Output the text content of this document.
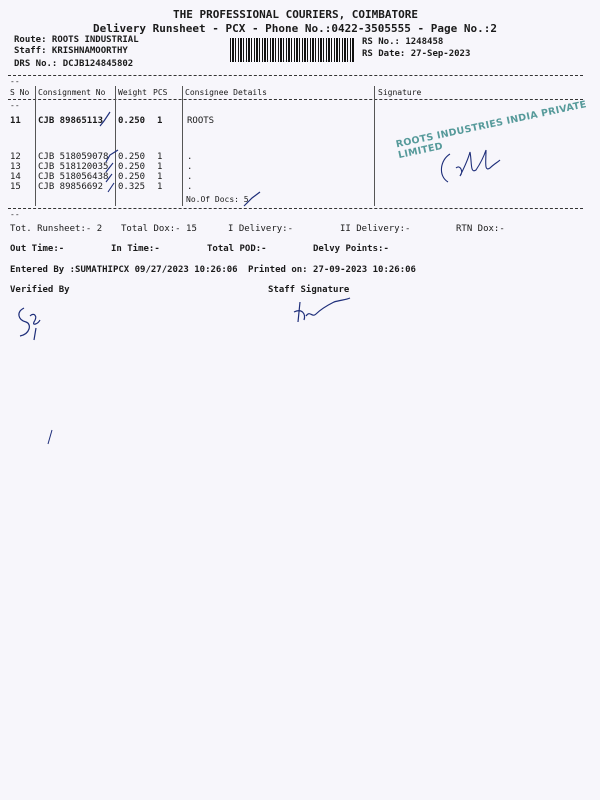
THE PROFESSIONAL COURIERS, COIMBATORE
Delivery Runsheet - PCX - Phone No.:0422-3505555 - Page No.:2
Route: ROOTS INDUSTRIAL
Staff: KRISHNAMOORTHY
DRS No.: DCJB124845802
RS No.: 1248458
RS Date: 27-Sep-2023
--
S No Consignment No Weight PCS Consignee Details	Signature
--
11 CJB 89865113 0.250 1	ROOTS
12 CJB 518059078 0.250 1	.
13 CJB 518120035 0.250 1	.
14 CJB 518056438 0.250 1	.
15 CJB 89856692 0.325 1	.
No.Of Docs: 5
ROOTS INDUSTRIES INDIA PRIVATE LIMITED
--
Tot. Runsheet:- 2 Total Dox:- 15	I Delivery:-	II Delivery:-	RTN Dox:-
Out Time:-	In Time:-	Total POD:-	Delvy Points:-
Entered By :SUMATHIPCX 09/27/2023 10:26:06 Printed on: 27-09-2023 10:26:06
Verified By	Staff Signature
